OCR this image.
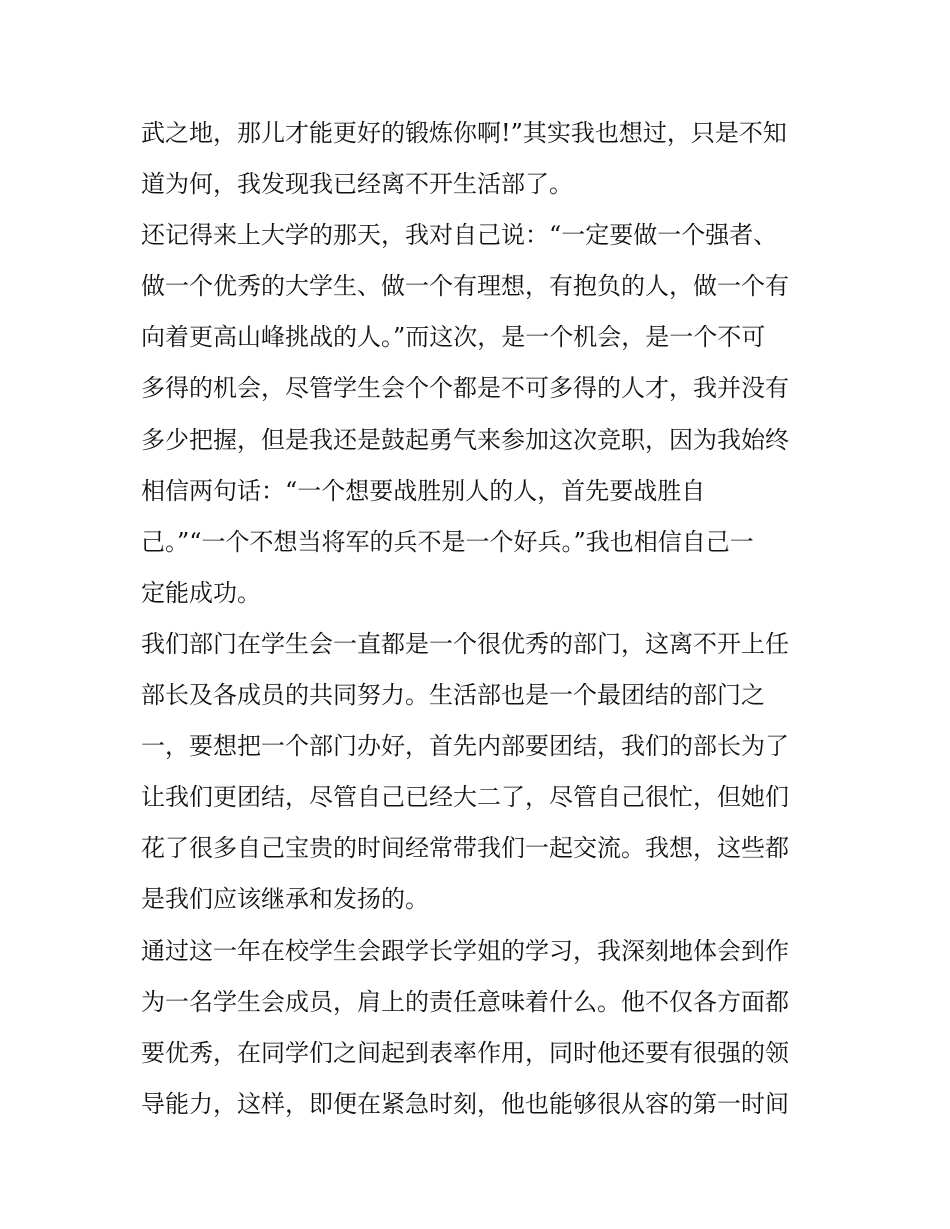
武之地，那儿才能更好的锻炼你啊!”其实我也想过，只是不知
道为何，我发现我已经离不开生活部了。
还记得来上大学的那天，我对自己说：“一定要做一个强者、
做一个优秀的大学生、做一个有理想，有抱负的人，做一个有
向着更高山峰挑战的人。”而这次，是一个机会，是一个不可
多得的机会，尽管学生会个个都是不可多得的人才，我并没有
多少把握，但是我还是鼓起勇气来参加这次竞职，因为我始终
相信两句话：“一个想要战胜别人的人，首先要战胜自
己。”“一个不想当将军的兵不是一个好兵。”我也相信自己一
定能成功。
我们部门在学生会一直都是一个很优秀的部门，这离不开上任
部长及各成员的共同努力。生活部也是一个最团结的部门之
一，要想把一个部门办好，首先内部要团结，我们的部长为了
让我们更团结，尽管自己已经大二了，尽管自己很忙，但她们
花了很多自己宝贵的时间经常带我们一起交流。我想，这些都
是我们应该继承和发扬的。
通过这一年在校学生会跟学长学姐的学习，我深刻地体会到作
为一名学生会成员，肩上的责任意味着什么。他不仅各方面都
要优秀，在同学们之间起到表率作用，同时他还要有很强的领
导能力，这样，即便在紧急时刻，他也能够很从容的第一时间
